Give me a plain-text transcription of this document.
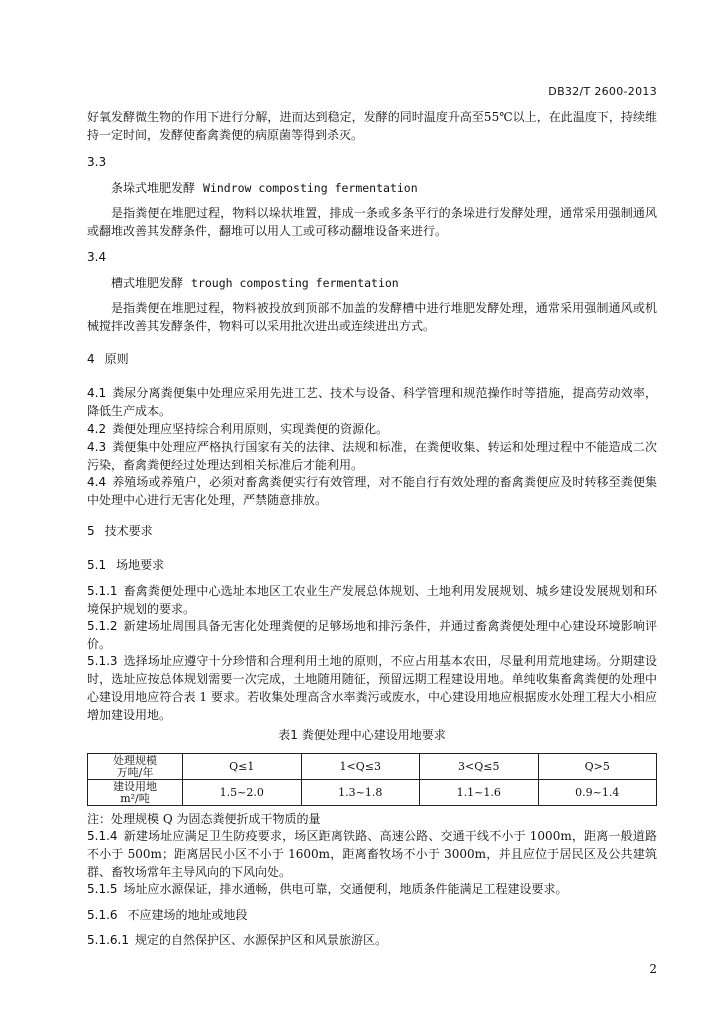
DB32/T 2600-2013

好氧发酵微生物的作用下进行分解，进而达到稳定，发酵的同时温度升高至55℃以上，在此温度下，持续维持一定时间，发酵使畜禽粪便的病原菌等得到杀灭。

3.3

条垛式堆肥发酵 Windrow composting fermentation

是指粪便在堆肥过程，物料以垛状堆置，排成一条或多条平行的条垛进行发酵处理，通常采用强制通风或翻堆改善其发酵条件，翻堆可以用人工或可移动翻堆设备来进行。

3.4

槽式堆肥发酵 trough composting fermentation

是指粪便在堆肥过程，物料被投放到顶部不加盖的发酵槽中进行堆肥发酵处理，通常采用强制通风或机械搅拌改善其发酵条件，物料可以采用批次进出或连续进出方式。

4 原则

4.1 粪尿分离粪便集中处理应采用先进工艺、技术与设备、科学管理和规范操作时等措施，提高劳动效率，降低生产成本。

4.2 粪便处理应坚持综合利用原则，实现粪便的资源化。

4.3 粪便集中处理应严格执行国家有关的法律、法规和标准，在粪便收集、转运和处理过程中不能造成二次污染，畜禽粪便经过处理达到相关标准后才能利用。

4.4 养殖场或养殖户，必须对畜禽粪便实行有效管理，对不能自行有效处理的畜禽粪便应及时转移至粪便集中处理中心进行无害化处理，严禁随意排放。

5 技术要求

5.1 场地要求

5.1.1 畜禽粪便处理中心选址本地区工农业生产发展总体规划、土地利用发展规划、城乡建设发展规划和环境保护规划的要求。

5.1.2 新建场址周围具备无害化处理粪便的足够场地和排污条件，并通过畜禽粪便处理中心建设环境影响评价。

5.1.3 选择场址应遵守十分珍惜和合理利用土地的原则，不应占用基本农田，尽量利用荒地建场。分期建设时，选址应按总体规划需要一次完成，土地随用随征，预留远期工程建设用地。单纯收集畜禽粪便的处理中心建设用地应符合表 1 要求。若收集处理高含水率粪污或废水，中心建设用地应根据废水处理工程大小相应增加建设用地。

表1 粪便处理中心建设用地要求
处理规模
万吨/年	Q≤1	1<Q≤3	3<Q≤5	Q>5

建设用地
m²/吨	1.5~2.0	1.3~1.8	1.1~1.6	0.9~1.4

注：处理规模 Q 为固态粪便折成干物质的量

5.1.4 新建场址应满足卫生防疫要求，场区距离铁路、高速公路、交通干线不小于 1000m，距离一般道路不小于 500m；距离居民小区不小于 1600m，距离畜牧场不小于 3000m，并且应位于居民区及公共建筑群、畜牧场常年主导风向的下风向处。

5.1.5 场址应水源保证，排水通畅，供电可靠，交通便利，地质条件能满足工程建设要求。

5.1.6 不应建场的地址或地段

5.1.6.1 规定的自然保护区、水源保护区和风景旅游区。

2
